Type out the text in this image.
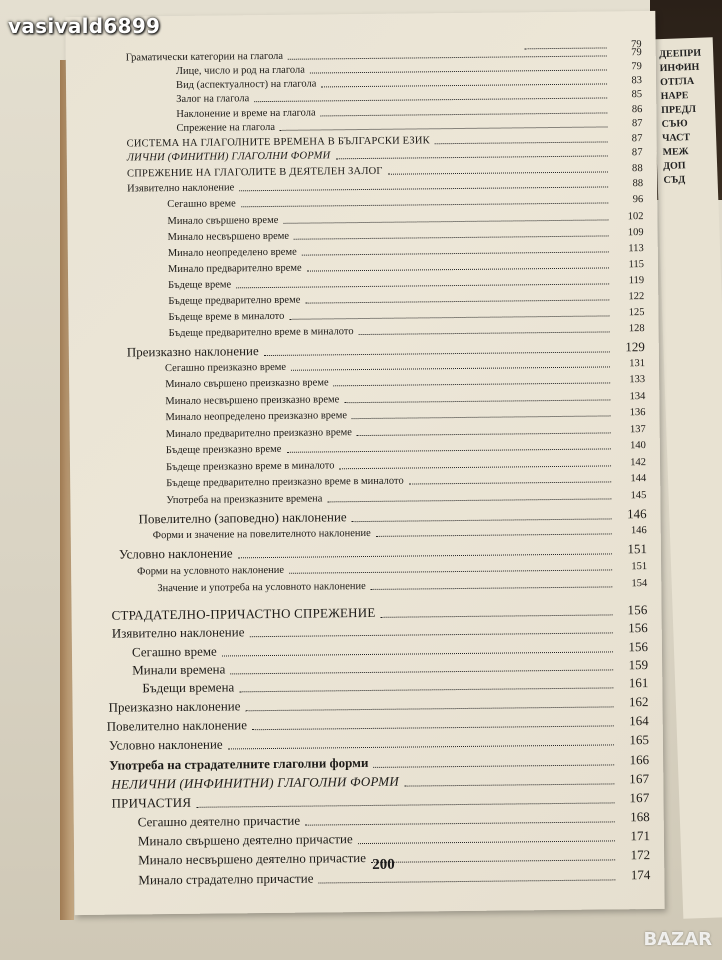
ДЕЕПРИ
ИНФИН
ОТГЛА
НАРЕ
ПРЕДЛ
СЪЮ
ЧАСТ
МЕЖ
ДОП
СЪД
79
Граматически категории на глагола	79
Лице, число и род на глагола	79
Вид (аспектуалност) на глагола	83
Залог на глагола	85
Наклонение и време на глагола	86
Спрежение на глагола	87
СИСТЕМА НА ГЛАГОЛНИТЕ ВРЕМЕНА В БЪЛГАРСКИ ЕЗИК	87
ЛИЧНИ (ФИНИТНИ) ГЛАГОЛНИ ФОРМИ	87
СПРЕЖЕНИЕ НА ГЛАГОЛИТЕ В ДЕЯТЕЛЕН ЗАЛОГ	88
Изявително наклонение	88
Сегашно време	96
Минало свършено време	102
Минало несвършено време	109
Минало неопределено време	113
Минало предварително време	115
Бъдеще време	119
Бъдеще предварително време	122
Бъдеще време в миналото	125
Бъдеще предварително време в миналото	128
Преизказно наклонение	129
Сегашно преизказно време	131
Минало свършено преизказно време	133
Минало несвършено преизказно време	134
Минало неопределено преизказно време	136
Минало предварително преизказно време	137
Бъдеще преизказно време	140
Бъдеще преизказно време в миналото	142
Бъдеще предварително преизказно време в миналото	144
Употреба на преизказните времена	145
Повелително (заповедно) наклонение	146
Форми и значение на повелителното наклонение	146
Условно наклонение	151
Форми на условното наклонение	151
Значение и употреба на условното наклонение	154
СТРАДАТЕЛНО-ПРИЧАСТНО СПРЕЖЕНИЕ	156
Изявително наклонение	156
Сегашно време	156
Минали времена	159
Бъдещи времена	161
Преизказно наклонение	162
Повелително наклонение	164
Условно наклонение	165
Употреба на страдателните глаголни форми	166
НЕЛИЧНИ (ИНФИНИТНИ) ГЛАГОЛНИ ФОРМИ	167
ПРИЧАСТИЯ	167
Сегашно деятелно причастие	168
Минало свършено деятелно причастие	171
Минало несвършено деятелно причастие	172
Минало страдателно причастие	174
200
vasivald6899
BAZAR
